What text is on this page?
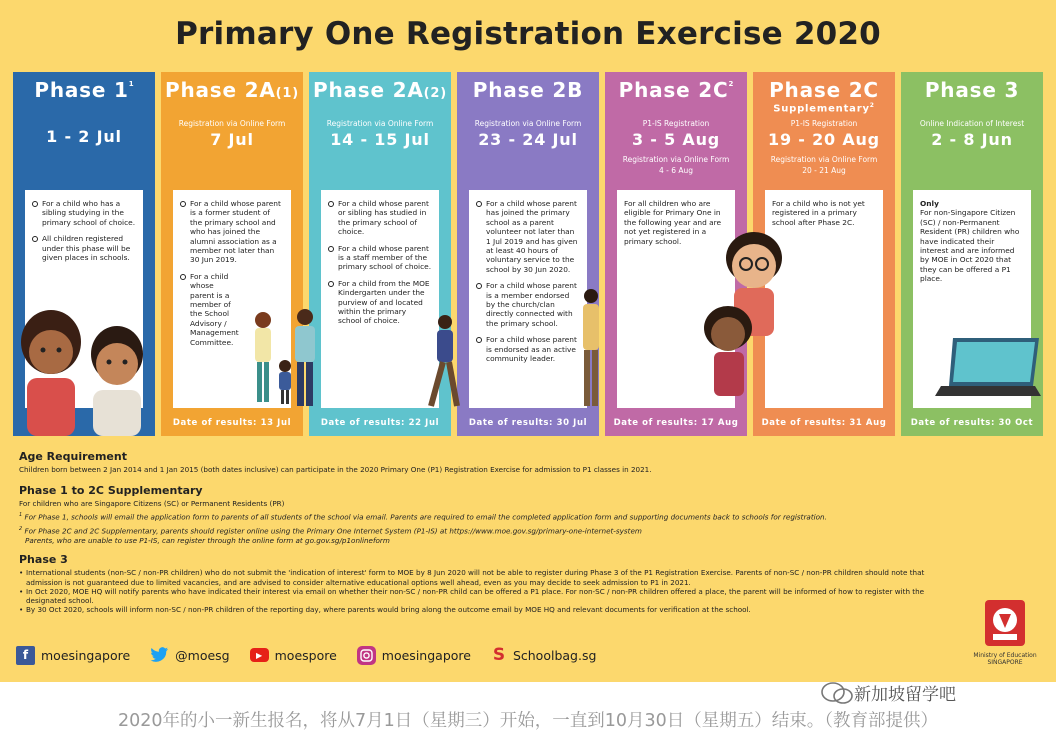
Primary One Registration Exercise 2020
Phase $1^1$
1 - 2 Jul
For a child who has a sibling studying in the primary school of choice.
All children registered under this phase will be given places in schools.
Phase 2A(1)
Registration via Online Form
7 Jul
For a child whose parent is a former student of the primary school and who has joined the alumni association as a member not later than 30 Jun 2019.
For a child whose parent is a member of the School Advisory / Management Committee.
Date of results: 13 Jul
Phase 2A(2)
Registration via Online Form
14 - 15 Jul
For a child whose parent or sibling has studied in the primary school of choice.
For a child whose parent is a staff member of the primary school of choice.
For a child from the MOE Kindergarten under the purview of and located within the primary school of choice.
Date of results: 22 Jul
Phase 2B
Registration via Online Form
23 - 24 Jul
For a child whose parent has joined the primary school as a parent volunteer not later than 1 Jul 2019 and has given at least 40 hours of voluntary service to the school by 30 Jun 2020.
For a child whose parent is a member endorsed by the church/clan directly connected with the primary school.
For a child whose parent is endorsed as an active community leader.
Date of results: 30 Jul
Phase $2C^2$
P1-IS Registration
3 - 5 Aug
Registration via Online Form
4 - 6 Aug

For all children who are eligible for Primary One in the following year and are not yet registered in a primary school.

Date of results: 17 Aug
Phase 2C
Supplementary$^2$
P1-IS Registration
19 - 20 Aug
Registration via Online Form
20 - 21 Aug

For a child who is not yet registered in a primary school after Phase 2C.

Date of results: 31 Aug
Phase 3
Online Indication of Interest
2 - 8 Jun

Only

For non-Singapore Citizen (SC) / non-Permanent Resident (PR) children who have indicated their interest and are informed by MOE in Oct 2020 that they can be offered a P1 place.

Date of results: 30 Oct
Age Requirement
Children born between 2 Jan 2014 and 1 Jan 2015 (both dates inclusive) can participate in the 2020 Primary One (P1) Registration Exercise for admission to P1 classes in 2021.
Phase 1 to 2C Supplementary
For children who are Singapore Citizens (SC) or Permanent Residents (PR)
$^1$ For Phase 1, schools will email the application form to parents of all students of the school via email. Parents are required to email the completed application form and supporting documents back to schools for registration.
$^2$ For Phase 2C and 2C Supplementary, parents should register online using the Primary One Internet System (P1-IS) at https://www.moe.gov.sg/primary-one-internet-system
Parents, who are unable to use P1-IS, can register through the online form at go.gov.sg/p1onlineform
Phase 3
• International students (non-SC / non-PR children) who do not submit the 'indication of interest' form to MOE by 8 Jun 2020 will not be able to register during Phase 3 of the P1 Registration Exercise. Parents of non-SC / non-PR children should note that admission is not guaranteed due to limited vacancies, and are advised to consider alternative educational options well ahead, even as you may decide to seek admission to P1 in 2021.
• In Oct 2020, MOE HQ will notify parents who have indicated their interest via email on whether their non-SC / non-PR child can be offered a P1 place. For non-SC / non-PR children offered a place, the parent will be informed of how to register with the designated school.
• By 30 Oct 2020, schools will inform non-SC / non-PR children of the reporting day, where parents would bring along the outcome email by MOE HQ and relevant documents for verification at the school.
f	moesingapore	@moesg	▶ moespore	moesingapore S Schoolbag.sg	Ministry of Education
SINGAPORE
新加坡留学吧
2020年的小一新生报名，将从7月1日（星期三）开始，一直到10月30日（星期五）结束。（教育部提供）
